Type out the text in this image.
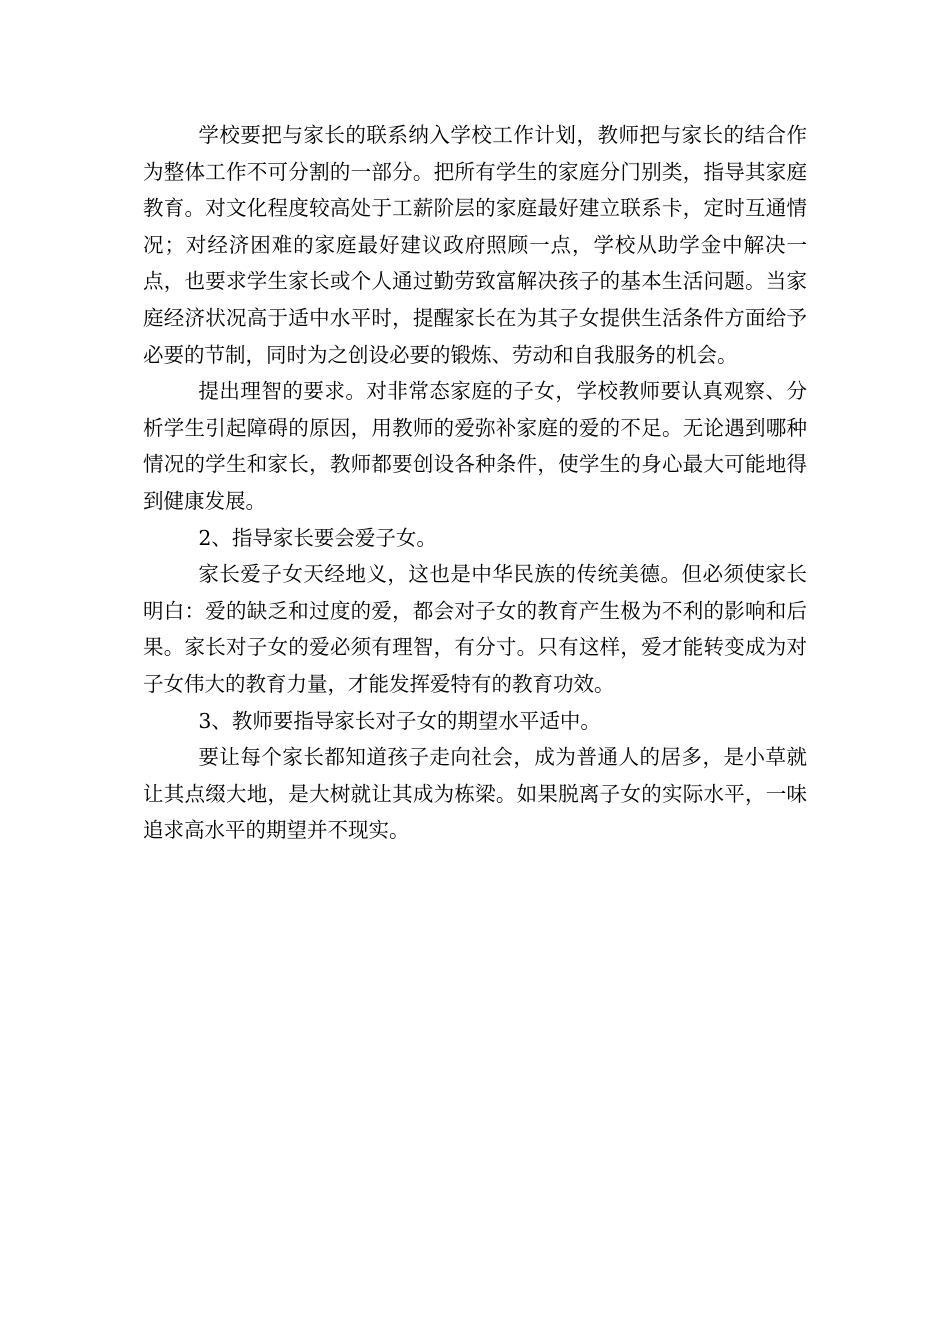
学校要把与家长的联系纳入学校工作计划，教师把与家长的结合作为整体工作不可分割的一部分。把所有学生的家庭分门别类，指导其家庭教育。对文化程度较高处于工薪阶层的家庭最好建立联系卡，定时互通情况；对经济困难的家庭最好建议政府照顾一点，学校从助学金中解决一点，也要求学生家长或个人通过勤劳致富解决孩子的基本生活问题。当家庭经济状况高于适中水平时，提醒家长在为其子女提供生活条件方面给予必要的节制，同时为之创设必要的锻炼、劳动和自我服务的机会。

提出理智的要求。对非常态家庭的子女，学校教师要认真观察、分析学生引起障碍的原因，用教师的爱弥补家庭的爱的不足。无论遇到哪种情况的学生和家长，教师都要创设各种条件，使学生的身心最大可能地得到健康发展。

2、指导家长要会爱子女。

家长爱子女天经地义，这也是中华民族的传统美德。但必须使家长明白：爱的缺乏和过度的爱，都会对子女的教育产生极为不利的影响和后果。家长对子女的爱必须有理智，有分寸。只有这样，爱才能转变成为对子女伟大的教育力量，才能发挥爱特有的教育功效。

3、教师要指导家长对子女的期望水平适中。

要让每个家长都知道孩子走向社会，成为普通人的居多，是小草就让其点缀大地，是大树就让其成为栋梁。如果脱离子女的实际水平，一味追求高水平的期望并不现实。
